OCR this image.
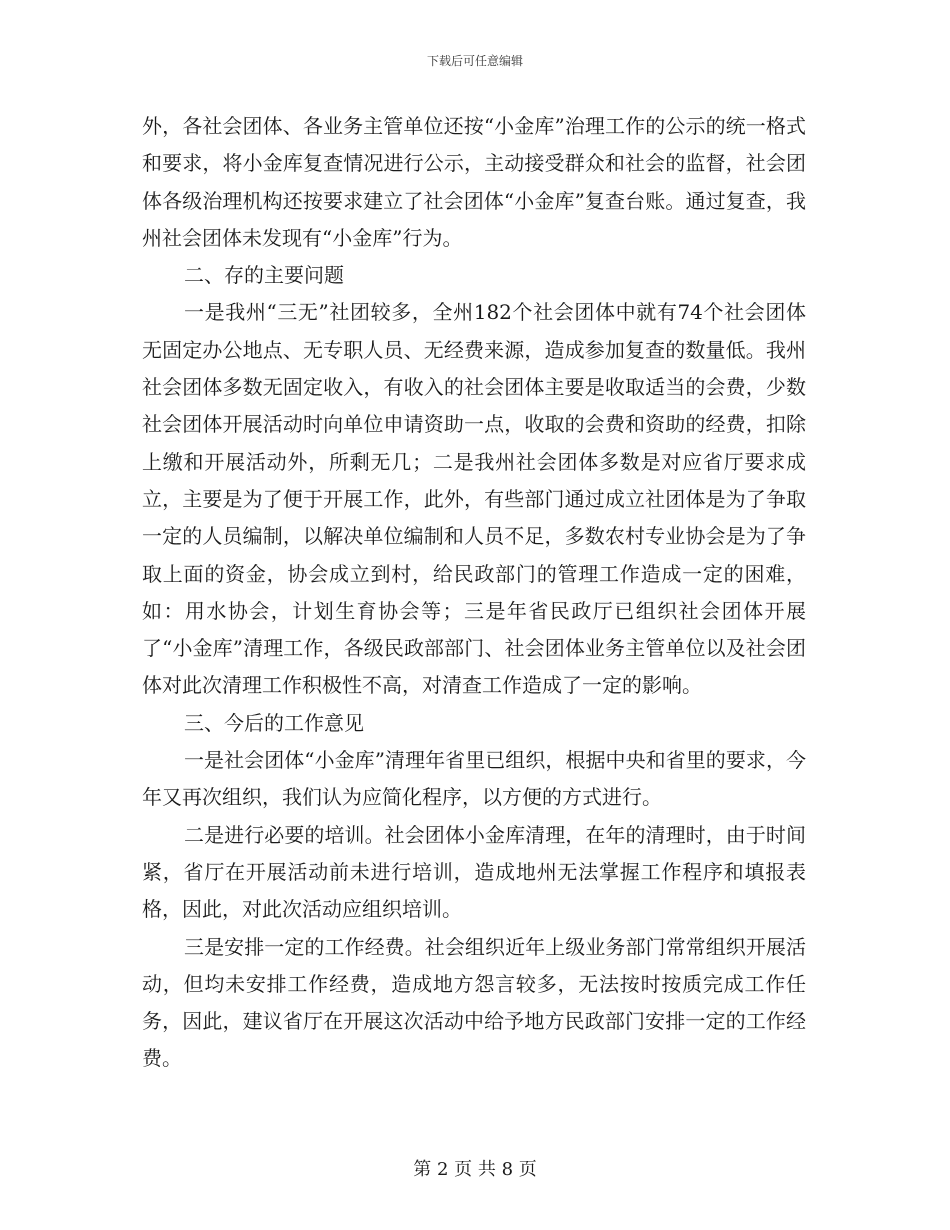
下载后可任意编辑

外，各社会团体、各业务主管单位还按“小金库”治理工作的公示的统一格式和要求，将小金库复查情况进行公示，主动接受群众和社会的监督，社会团体各级治理机构还按要求建立了社会团体“小金库”复查台账。通过复查，我州社会团体未发现有“小金库”行为。

二、存的主要问题

一是我州“三无”社团较多，全州182个社会团体中就有74个社会团体无固定办公地点、无专职人员、无经费来源，造成参加复查的数量低。我州社会团体多数无固定收入，有收入的社会团体主要是收取适当的会费，少数社会团体开展活动时向单位申请资助一点，收取的会费和资助的经费，扣除上缴和开展活动外，所剩无几；二是我州社会团体多数是对应省厅要求成立，主要是为了便于开展工作，此外，有些部门通过成立社团体是为了争取一定的人员编制，以解决单位编制和人员不足，多数农村专业协会是为了争取上面的资金，协会成立到村，给民政部门的管理工作造成一定的困难，如：用水协会，计划生育协会等；三是年省民政厅已组织社会团体开展了“小金库”清理工作，各级民政部部门、社会团体业务主管单位以及社会团体对此次清理工作积极性不高，对清查工作造成了一定的影响。

三、今后的工作意见

一是社会团体“小金库”清理年省里已组织，根据中央和省里的要求，今年又再次组织，我们认为应简化程序，以方便的方式进行。

二是进行必要的培训。社会团体小金库清理，在年的清理时，由于时间紧，省厅在开展活动前未进行培训，造成地州无法掌握工作程序和填报表格，因此，对此次活动应组织培训。

三是安排一定的工作经费。社会组织近年上级业务部门常常组织开展活动，但均未安排工作经费，造成地方怨言较多，无法按时按质完成工作任务，因此，建议省厅在开展这次活动中给予地方民政部门安排一定的工作经费。

第 2 页 共 8 页
